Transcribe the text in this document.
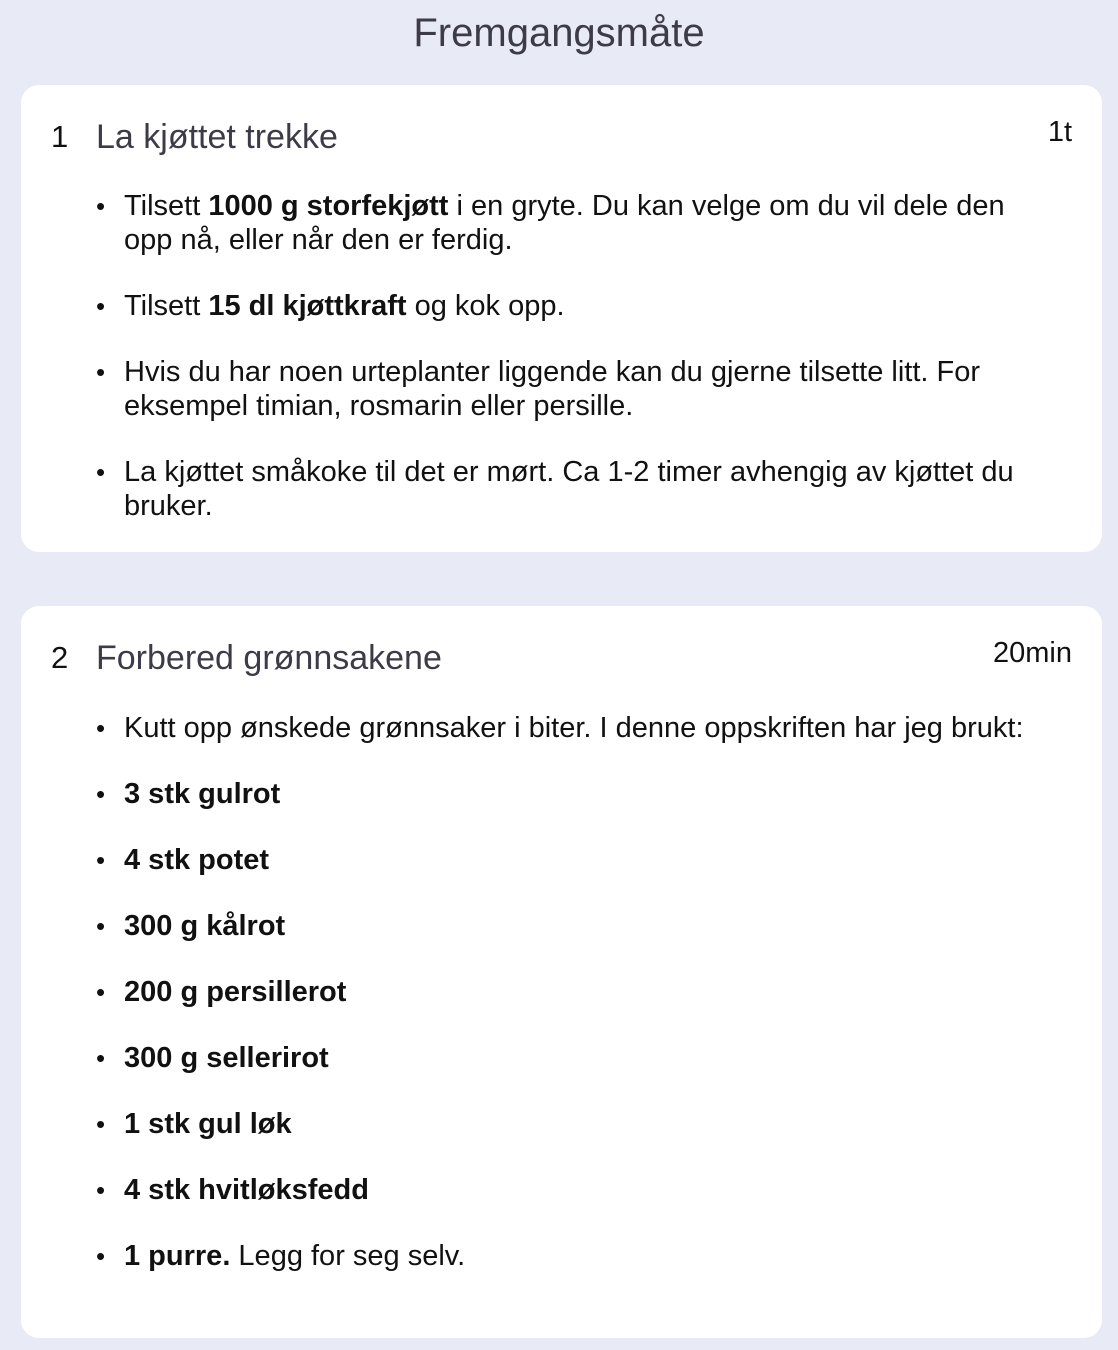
Fremgangsmåte
1 La kjøttet trekke	1t
• Tilsett 1000 g storfekjøtt i en gryte. Du kan velge om du vil dele den opp nå, eller når den er ferdig.
• Tilsett 15 dl kjøttkraft og kok opp.
• Hvis du har noen urteplanter liggende kan du gjerne tilsette litt. For eksempel timian, rosmarin eller persille.
• La kjøttet småkoke til det er mørt. Ca 1-2 timer avhengig av kjøttet du bruker.
2 Forbered grønnsakene	20min
• Kutt opp ønskede grønnsaker i biter. I denne oppskriften har jeg brukt:
• 3 stk gulrot
• 4 stk potet
• 300 g kålrot
• 200 g persillerot
• 300 g sellerirot
• 1 stk gul løk
• 4 stk hvitløksfedd
• 1 purre. Legg for seg selv.
